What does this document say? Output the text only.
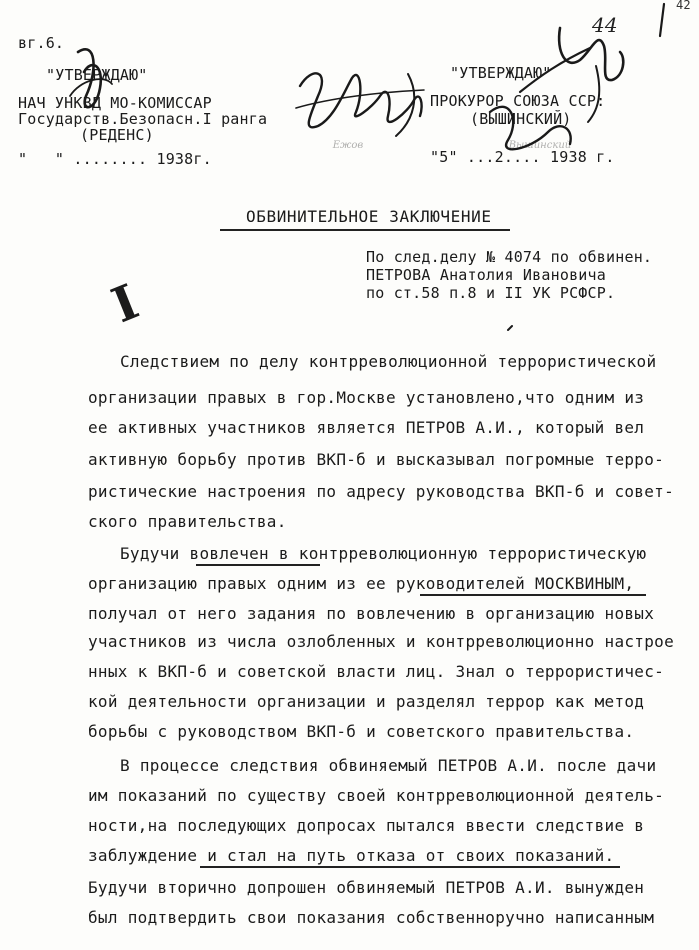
вг.6.
42
44
"УТВЕРЖДАЮ"
НАЧ УНКВД МО-КОМИССАР
Государств.Безопасн.I ранга
(РЕДЕНС)
"   " ........ 1938г.
"УТВЕРЖДАЮ"
ПРОКУРОР СОЮЗА ССР:
(ВЫШИНСКИЙ)
"5" ...2.... 1938 г.
ОБВИНИТЕЛЬНОЕ ЗАКЛЮЧЕНИЕ
По след.делу № 4074 по обвинен.
ПЕТРОВА Анатолия Ивановича
по ст.58 п.8 и II УК РСФСР.
I
Следствием по делу контрреволюционной террористической
организации правых в гор.Москве установлено,что одним из
ее активных участников является ПЕТРОВ А.И., который вел
активную борьбу против ВКП-б и высказывал погромные терро-
ристические настроения по адресу руководства ВКП-б и совет-
ского правительства.
Будучи вовлечен в контрреволюционную террористическую
организацию правых одним из ее руководителей МОСКВИНЫМ,
получал от него задания по вовлечению в организацию новых
участников из числа озлобленных и контрреволюционно настрое
нных к ВКП-б и советской власти лиц. Знал о террористичес-
кой деятельности организации и разделял террор как метод
борьбы с руководством ВКП-б и советского правительства.
В процессе следствия обвиняемый ПЕТРОВ А.И. после дачи
им показаний по существу своей контрреволюционной деятель-
ности,на последующих допросах пытался ввести следствие в
заблуждение и стал на путь отказа от своих показаний.
Будучи вторично допрошен обвиняемый ПЕТРОВ А.И. вынужден
был подтвердить свои показания собственноручно написанным
Ежов	Вышинский
